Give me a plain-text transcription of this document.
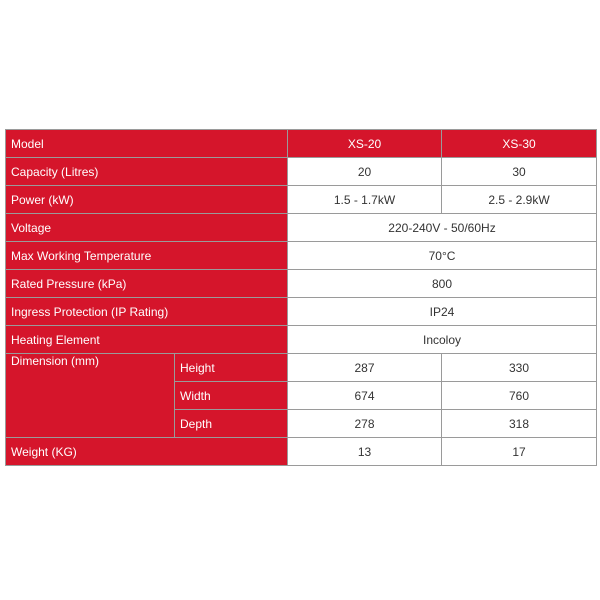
Model		XS-20	XS-30
Capacity (Litres)		20	30
Power (kW)		1.5 - 1.7kW	2.5 - 2.9kW
Voltage		220-240V - 50/60Hz	
Max Working Temperature		70°C	
Rated Pressure (kPa)		800	
Ingress Protection (IP Rating)		IP24	
Heating Element		Incoloy	
Dimension (mm)	Height	287	330
	Width	674	760
	Depth	278	318
Weight (KG)		13	17
